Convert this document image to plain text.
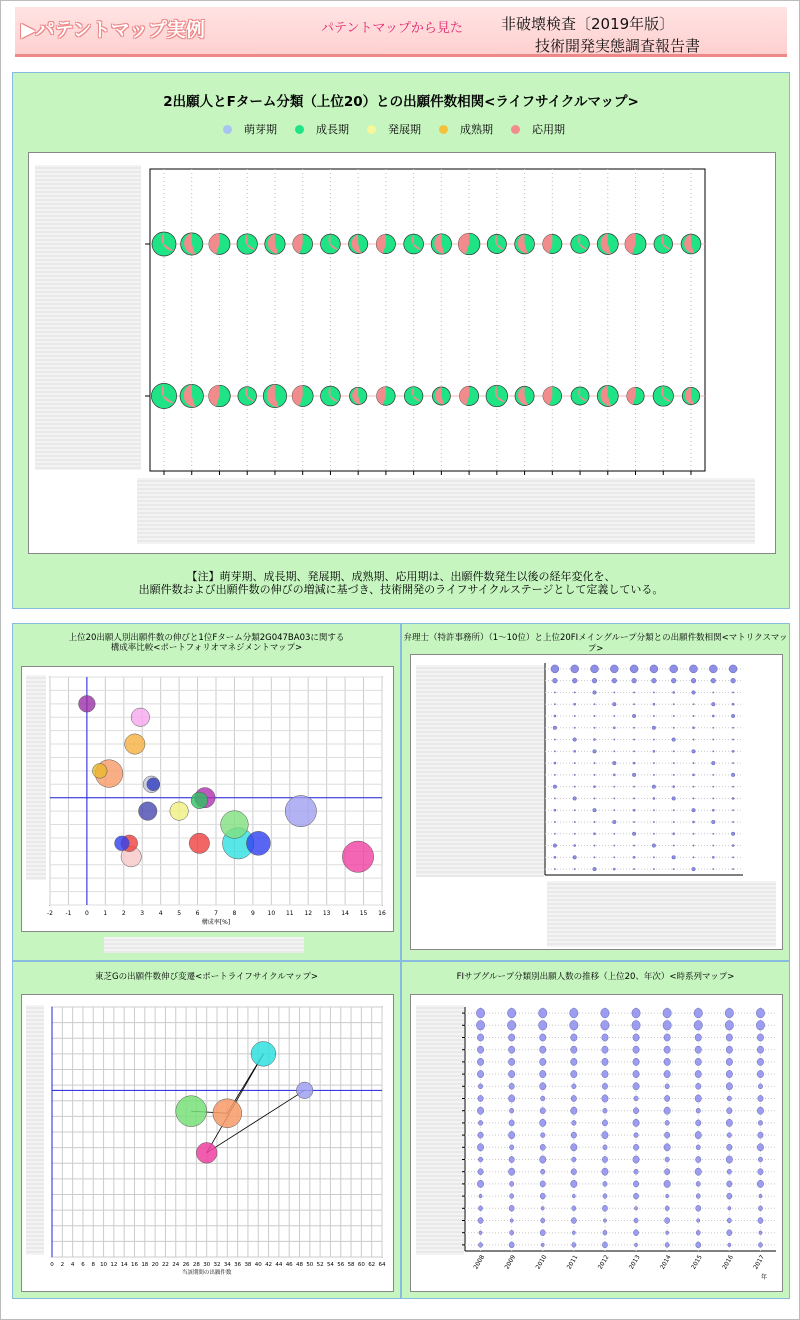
▶パテントマップ実例	パテントマップから見た	非破壊検査〔2019年版〕
技術開発実態調査報告書
2出願人とFターム分類（上位20）との出願件数相関<ライフサイクルマップ>
萌芽期	成長期	発展期	成熟期	応用期
【注】萌芽期、成長期、発展期、成熟期、応用期は、出願件数発生以後の経年変化を、
出願件数および出願件数の伸びの増減に基づき、技術開発のライフサイクルステージとして定義している。
上位20出願人別出願件数の伸びと1位Fターム分類2G047BA03に関する
構成率比較<ポートフォリオマネジメントマップ>
-2 -1 0 1 2 3 4 5 6 7 8 9 10 11 12 13 14 15 16
構成率[%]
弁理士（特許事務所）（1～10位）と上位20FIメイングループ分類との出願件数相関<マトリクスマップ>
東芝Gの出願件数伸び変遷<ポートライフサイクルマップ>
0 2 4 6 8 10 12 14 16 18 20 22 24 26 28 30 32 34 36 38 40 42 44 46 48 50 52 54 56 58 60 62 64
当該期間の出願件数
FIサブグループ分類別出願人数の推移（上位20、年次）<時系列マップ>
2008	2009	2010	2011	2012	2013	2014	2015	2016	2017
年
